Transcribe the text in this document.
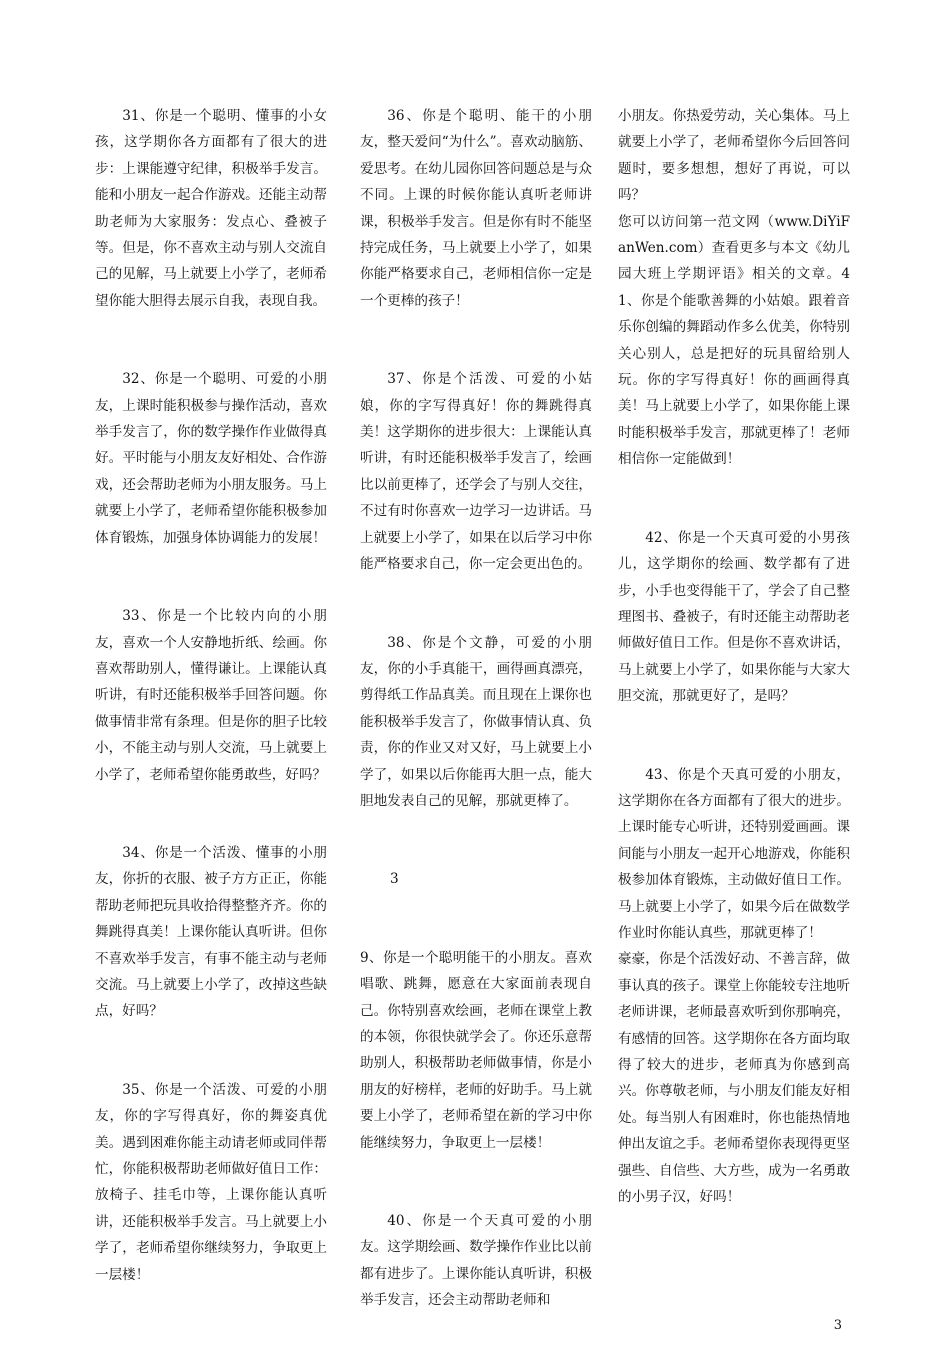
31、你是一个聪明、懂事的小女孩，这学期你各方面都有了很大的进步：上课能遵守纪律，积极举手发言。能和小朋友一起合作游戏。还能主动帮助老师为大家服务：发点心、叠被子等。但是，你不喜欢主动与别人交流自己的见解，马上就要上小学了，老师希望你能大胆得去展示自我，表现自我。

32、你是一个聪明、可爱的小朋友，上课时能积极参与操作活动，喜欢举手发言了，你的数学操作作业做得真好。平时能与小朋友友好相处、合作游戏，还会帮助老师为小朋友服务。马上就要上小学了，老师希望你能积极参加体育锻炼，加强身体协调能力的发展！

33、你是一个比较内向的小朋友，喜欢一个人安静地折纸、绘画。你喜欢帮助别人，懂得谦让。上课能认真听讲，有时还能积极举手回答问题。你做事情非常有条理。但是你的胆子比较小，不能主动与别人交流，马上就要上小学了，老师希望你能勇敢些，好吗？

34、你是一个活泼、懂事的小朋友，你折的衣服、被子方方正正，你能帮助老师把玩具收拾得整整齐齐。你的舞跳得真美！上课你能认真听讲。但你不喜欢举手发言，有事不能主动与老师交流。马上就要上小学了，改掉这些缺点，好吗？

35、你是一个活泼、可爱的小朋友，你的字写得真好，你的舞姿真优美。遇到困难你能主动请老师或同伴帮忙，你能积极帮助老师做好值日工作：放椅子、挂毛巾等，上课你能认真听讲，还能积极举手发言。马上就要上小学了，老师希望你继续努力，争取更上一层楼！

36、你是个聪明、能干的小朋友，整天爱问“为什么”。喜欢动脑筋、爱思考。在幼儿园你回答问题总是与众不同。上课的时候你能认真听老师讲课，积极举手发言。但是你有时不能坚持完成任务，马上就要上小学了，如果你能严格要求自己，老师相信你一定是一个更棒的孩子！

37、你是个活泼、可爱的小姑娘，你的字写得真好！你的舞跳得真美！这学期你的进步很大：上课能认真听讲，有时还能积极举手发言了，绘画比以前更棒了，还学会了与别人交往，不过有时你喜欢一边学习一边讲话。马上就要上小学了，如果在以后学习中你能严格要求自己，你一定会更出色的。

38、你是个文静，可爱的小朋友，你的小手真能干，画得画真漂亮，剪得纸工作品真美。而且现在上课你也能积极举手发言了，你做事情认真、负责，你的作业又对又好，马上就要上小学了，如果以后你能再大胆一点，能大胆地发表自己的见解，那就更棒了。

3

9、你是一个聪明能干的小朋友。喜欢唱歌、跳舞，愿意在大家面前表现自己。你特别喜欢绘画，老师在课堂上教的本领，你很快就学会了。你还乐意帮助别人，积极帮助老师做事情，你是小朋友的好榜样，老师的好助手。马上就要上小学了，老师希望在新的学习中你能继续努力，争取更上一层楼！

40、你是一个天真可爱的小朋友。这学期绘画、数学操作作业比以前都有进步了。上课你能认真听讲，积极举手发言，还会主动帮助老师和

小朋友。你热爱劳动，关心集体。马上就要上小学了，老师希望你今后回答问题时，要多想想，想好了再说，可以吗？

您可以访问第一范文网（www.DiYiFanWen.com）查看更多与本文《幼儿园大班上学期评语》相关的文章。41、你是个能歌善舞的小姑娘。跟着音乐你创编的舞蹈动作多么优美，你特别关心别人，总是把好的玩具留给别人玩。你的字写得真好！你的画画得真美！马上就要上小学了，如果你能上课时能积极举手发言，那就更棒了！老师相信你一定能做到！

42、你是一个天真可爱的小男孩儿，这学期你的绘画、数学都有了进步，小手也变得能干了，学会了自己整理图书、叠被子，有时还能主动帮助老师做好值日工作。但是你不喜欢讲话，马上就要上小学了，如果你能与大家大胆交流，那就更好了，是吗？

43、你是个天真可爱的小朋友，这学期你在各方面都有了很大的进步。上课时能专心听讲，还特别爱画画。课间能与小朋友一起开心地游戏，你能积极参加体育锻炼，主动做好值日工作。马上就要上小学了，如果今后在做数学作业时你能认真些，那就更棒了！

豪豪，你是个活泼好动、不善言辞，做事认真的孩子。课堂上你能较专注地听老师讲课，老师最喜欢听到你那响亮，有感情的回答。这学期你在各方面均取得了较大的进步，老师真为你感到高兴。你尊敬老师，与小朋友们能友好相处。每当别人有困难时，你也能热情地伸出友谊之手。老师希望你表现得更坚强些、自信些、大方些，成为一名勇敢的小男子汉，好吗！

3
